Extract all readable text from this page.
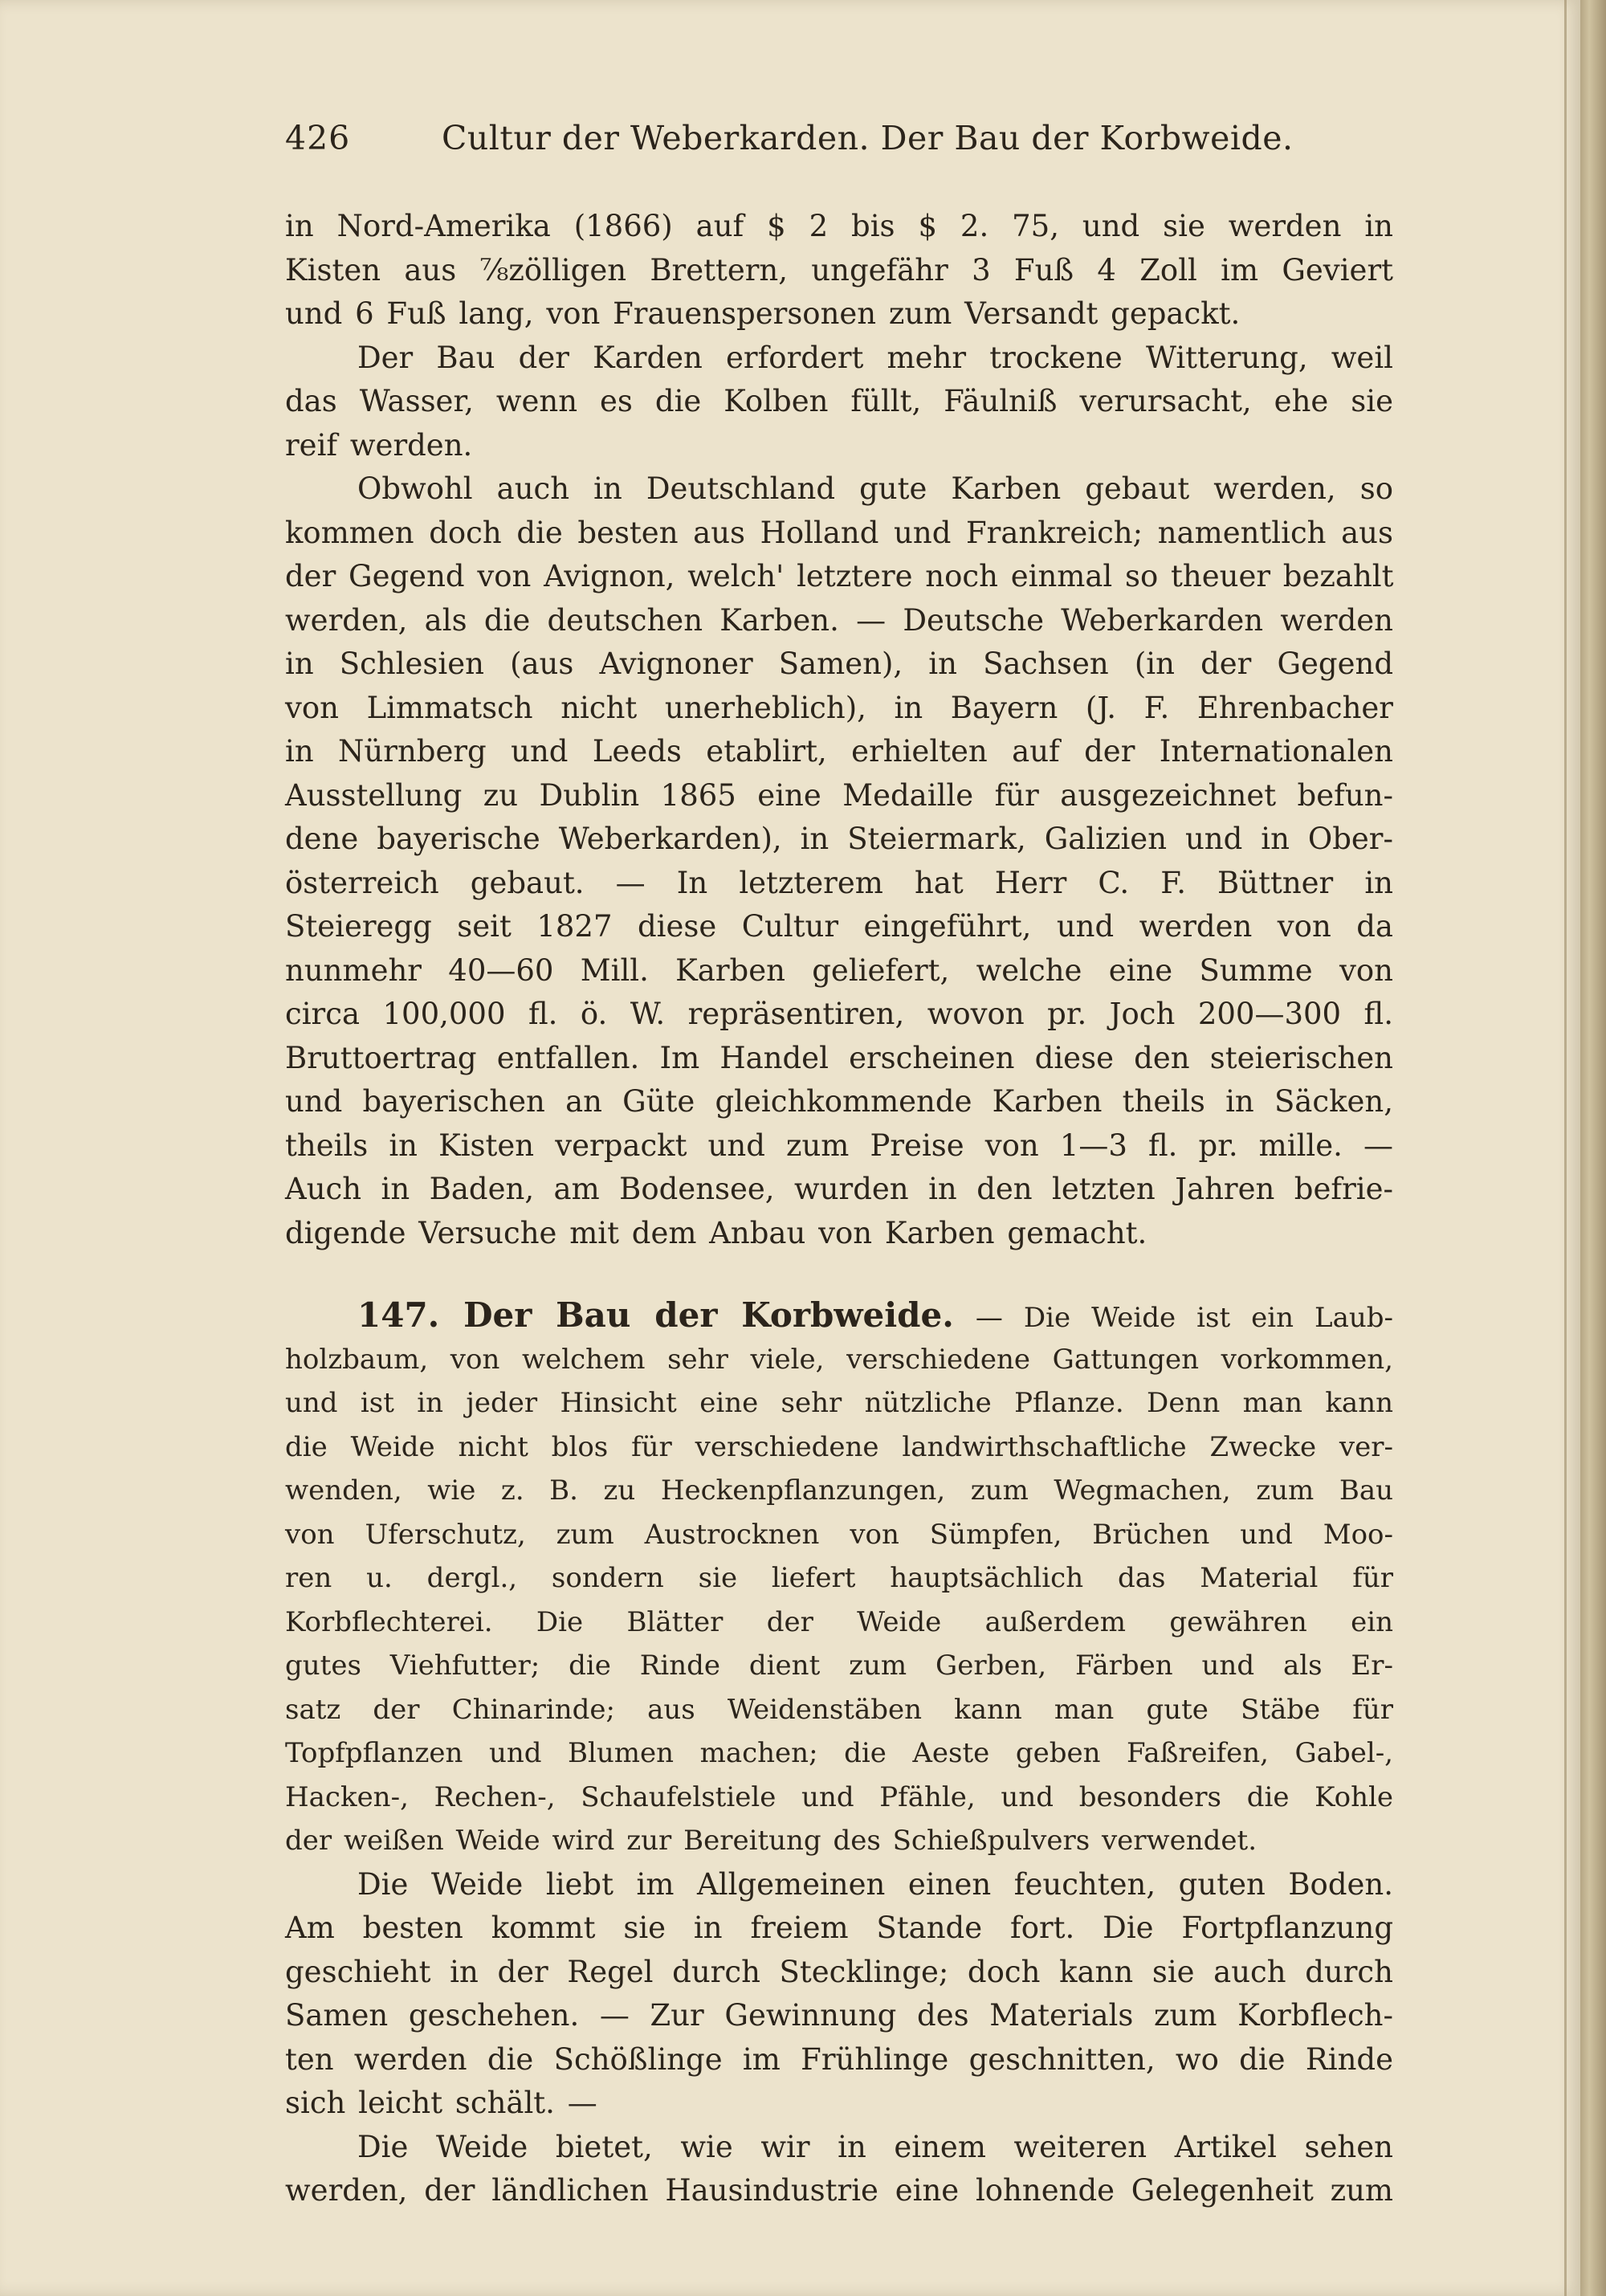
426	Cultur der Weberkarden. Der Bau der Korbweide.
in Nord-Amerika (1866) auf $ 2 bis $ 2. 75, und sie werden in
Kisten aus ⅞zölligen Brettern, ungefähr 3 Fuß 4 Zoll im Geviert
und 6 Fuß lang, von Frauenspersonen zum Versandt gepackt.
Der Bau der Karden erfordert mehr trockene Witterung, weil
das Wasser, wenn es die Kolben füllt, Fäulniß verursacht, ehe sie
reif werden.
Obwohl auch in Deutschland gute Karben gebaut werden, so
kommen doch die besten aus Holland und Frankreich; namentlich aus
der Gegend von Avignon, welch' letztere noch einmal so theuer bezahlt
werden, als die deutschen Karben. — Deutsche Weberkarden werden
in Schlesien (aus Avignoner Samen), in Sachsen (in der Gegend
von Limmatsch nicht unerheblich), in Bayern (J. F. Ehrenbacher
in Nürnberg und Leeds etablirt, erhielten auf der Internationalen
Ausstellung zu Dublin 1865 eine Medaille für ausgezeichnet befun-
dene bayerische Weberkarden), in Steiermark, Galizien und in Ober-
österreich gebaut. — In letzterem hat Herr C. F. Büttner in
Steieregg seit 1827 diese Cultur eingeführt, und werden von da
nunmehr 40—60 Mill. Karben geliefert, welche eine Summe von
circa 100,000 fl. ö. W. repräsentiren, wovon pr. Joch 200—300 fl.
Bruttoertrag entfallen. Im Handel erscheinen diese den steierischen
und bayerischen an Güte gleichkommende Karben theils in Säcken,
theils in Kisten verpackt und zum Preise von 1—3 fl. pr. mille. —
Auch in Baden, am Bodensee, wurden in den letzten Jahren befrie-
digende Versuche mit dem Anbau von Karben gemacht.
147. Der Bau der Korbweide. — Die Weide ist ein Laub-
holzbaum, von welchem sehr viele, verschiedene Gattungen vorkommen,
und ist in jeder Hinsicht eine sehr nützliche Pflanze. Denn man kann
die Weide nicht blos für verschiedene landwirthschaftliche Zwecke ver-
wenden, wie z. B. zu Heckenpflanzungen, zum Wegmachen, zum Bau
von Uferschutz, zum Austrocknen von Sümpfen, Brüchen und Moo-
ren u. dergl., sondern sie liefert hauptsächlich das Material für
Korbflechterei. Die Blätter der Weide außerdem gewähren ein
gutes Viehfutter; die Rinde dient zum Gerben, Färben und als Er-
satz der Chinarinde; aus Weidenstäben kann man gute Stäbe für
Topfpflanzen und Blumen machen; die Aeste geben Faßreifen, Gabel-,
Hacken-, Rechen-, Schaufelstiele und Pfähle, und besonders die Kohle
der weißen Weide wird zur Bereitung des Schießpulvers verwendet.
Die Weide liebt im Allgemeinen einen feuchten, guten Boden.
Am besten kommt sie in freiem Stande fort. Die Fortpflanzung
geschieht in der Regel durch Stecklinge; doch kann sie auch durch
Samen geschehen. — Zur Gewinnung des Materials zum Korbflech-
ten werden die Schößlinge im Frühlinge geschnitten, wo die Rinde
sich leicht schält. —
Die Weide bietet, wie wir in einem weiteren Artikel sehen
werden, der ländlichen Hausindustrie eine lohnende Gelegenheit zum
